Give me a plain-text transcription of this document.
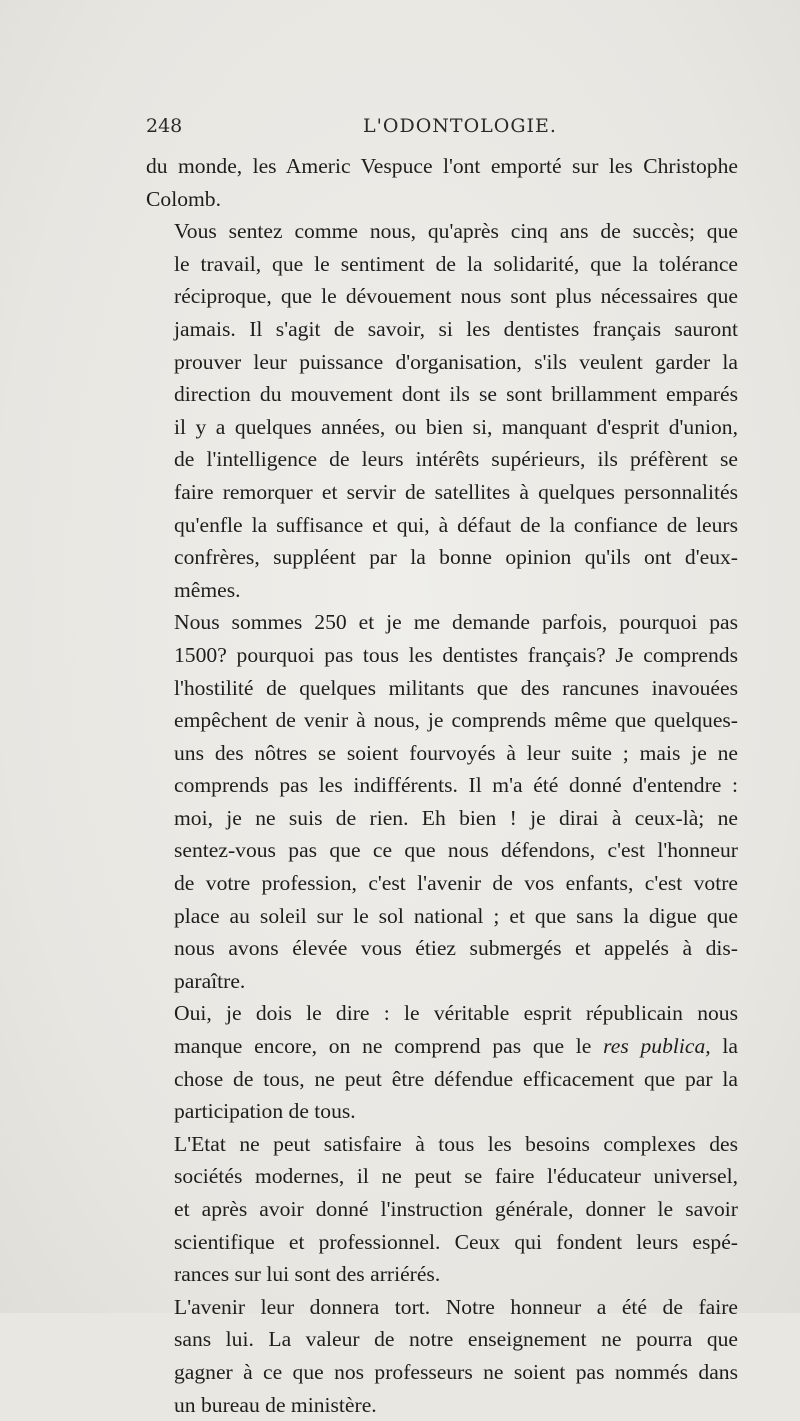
248	L'ODONTOLOGIE.

du monde, les Americ Vespuce l'ont emporté sur les Christophe
Colomb.

Vous sentez comme nous, qu'après cinq ans de succès; que
le travail, que le sentiment de la solidarité, que la tolérance
réciproque, que le dévouement nous sont plus nécessaires que
jamais. Il s'agit de savoir, si les dentistes français sauront
prouver leur puissance d'organisation, s'ils veulent garder la
direction du mouvement dont ils se sont brillamment emparés
il y a quelques années, ou bien si, manquant d'esprit d'union,
de l'intelligence de leurs intérêts supérieurs, ils préfèrent se
faire remorquer et servir de satellites à quelques personnalités
qu'enfle la suffisance et qui, à défaut de la confiance de leurs
confrères, suppléent par la bonne opinion qu'ils ont d'eux-
mêmes.

Nous sommes 250 et je me demande parfois, pourquoi pas
1500? pourquoi pas tous les dentistes français? Je comprends
l'hostilité de quelques militants que des rancunes inavouées
empêchent de venir à nous, je comprends même que quelques-
uns des nôtres se soient fourvoyés à leur suite ; mais je ne
comprends pas les indifférents. Il m'a été donné d'entendre :
moi, je ne suis de rien. Eh bien ! je dirai à ceux-là; ne
sentez-vous pas que ce que nous défendons, c'est l'honneur
de votre profession, c'est l'avenir de vos enfants, c'est votre
place au soleil sur le sol national ; et que sans la digue que
nous avons élevée vous étiez submergés et appelés à dis-
paraître.

Oui, je dois le dire : le véritable esprit républicain nous
manque encore, on ne comprend pas que le res publica, la
chose de tous, ne peut être défendue efficacement que par la
participation de tous.

L'Etat ne peut satisfaire à tous les besoins complexes des
sociétés modernes, il ne peut se faire l'éducateur universel,
et après avoir donné l'instruction générale, donner le savoir
scientifique et professionnel. Ceux qui fondent leurs espé-
rances sur lui sont des arriérés.

L'avenir leur donnera tort. Notre honneur a été de faire
sans lui. La valeur de notre enseignement ne pourra que
gagner à ce que nos professeurs ne soient pas nommés dans
un bureau de ministère.
